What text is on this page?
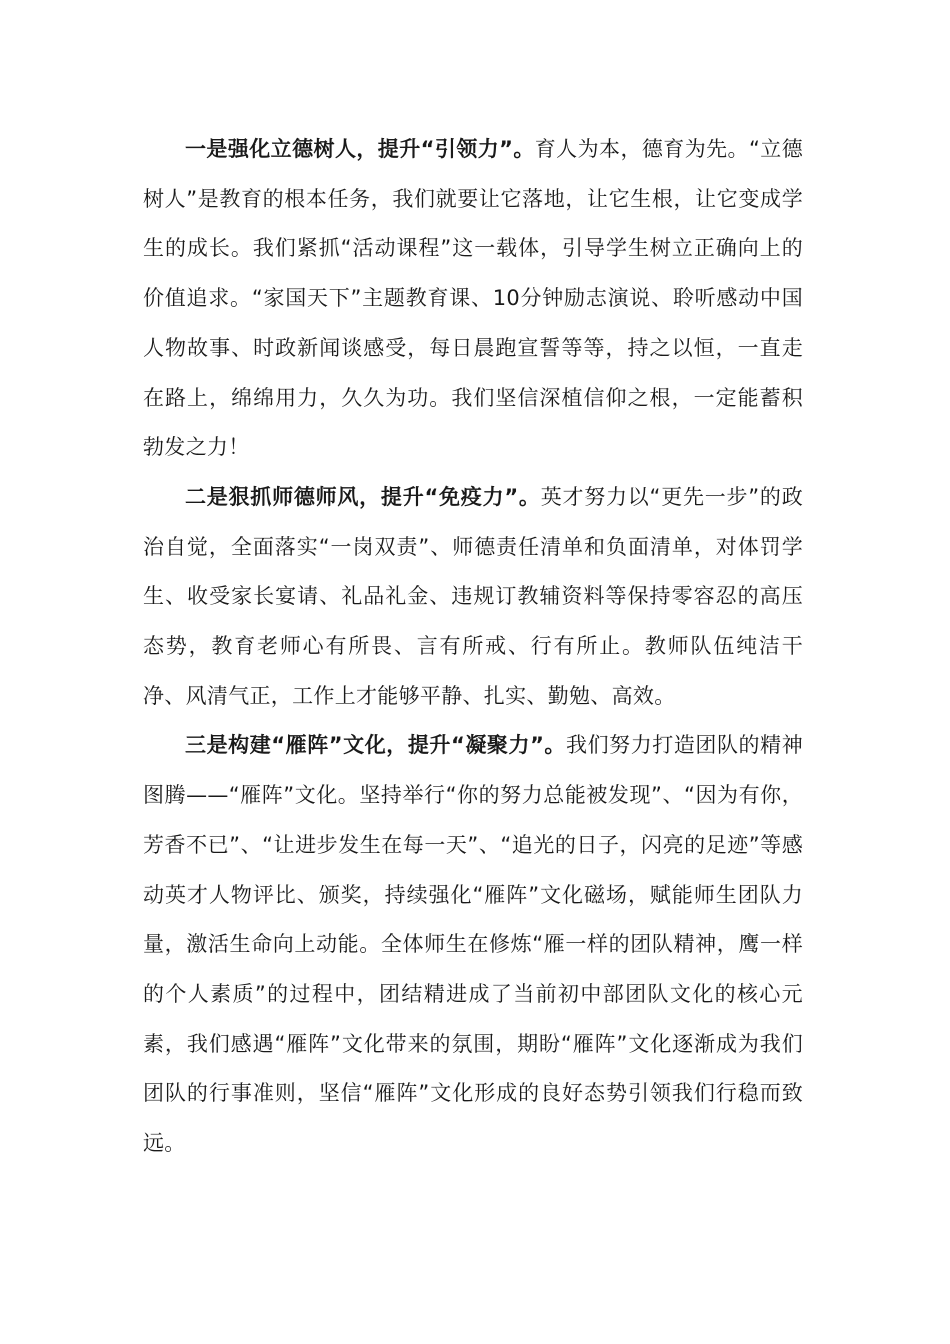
一是强化立德树人，提升“引领力”。育人为本，德育为先。“立德树人”是教育的根本任务，我们就要让它落地，让它生根，让它变成学生的成长。我们紧抓“活动课程”这一载体，引导学生树立正确向上的价值追求。“家国天下”主题教育课、10分钟励志演说、聆听感动中国人物故事、时政新闻谈感受，每日晨跑宣誓等等，持之以恒，一直走在路上，绵绵用力，久久为功。我们坚信深植信仰之根，一定能蓄积勃发之力！

二是狠抓师德师风，提升“免疫力”。英才努力以“更先一步”的政治自觉，全面落实“一岗双责”、师德责任清单和负面清单，对体罚学生、收受家长宴请、礼品礼金、违规订教辅资料等保持零容忍的高压态势，教育老师心有所畏、言有所戒、行有所止。教师队伍纯洁干净、风清气正，工作上才能够平静、扎实、勤勉、高效。

三是构建“雁阵”文化，提升“凝聚力”。我们努力打造团队的精神图腾——“雁阵”文化。坚持举行“你的努力总能被发现”、“因为有你，芳香不已”、“让进步发生在每一天”、“追光的日子，闪亮的足迹”等感动英才人物评比、颁奖，持续强化“雁阵”文化磁场，赋能师生团队力量，激活生命向上动能。全体师生在修炼“雁一样的团队精神，鹰一样的个人素质”的过程中，团结精进成了当前初中部团队文化的核心元素，我们感遇“雁阵”文化带来的氛围，期盼“雁阵”文化逐渐成为我们团队的行事准则，坚信“雁阵”文化形成的良好态势引领我们行稳而致远。
